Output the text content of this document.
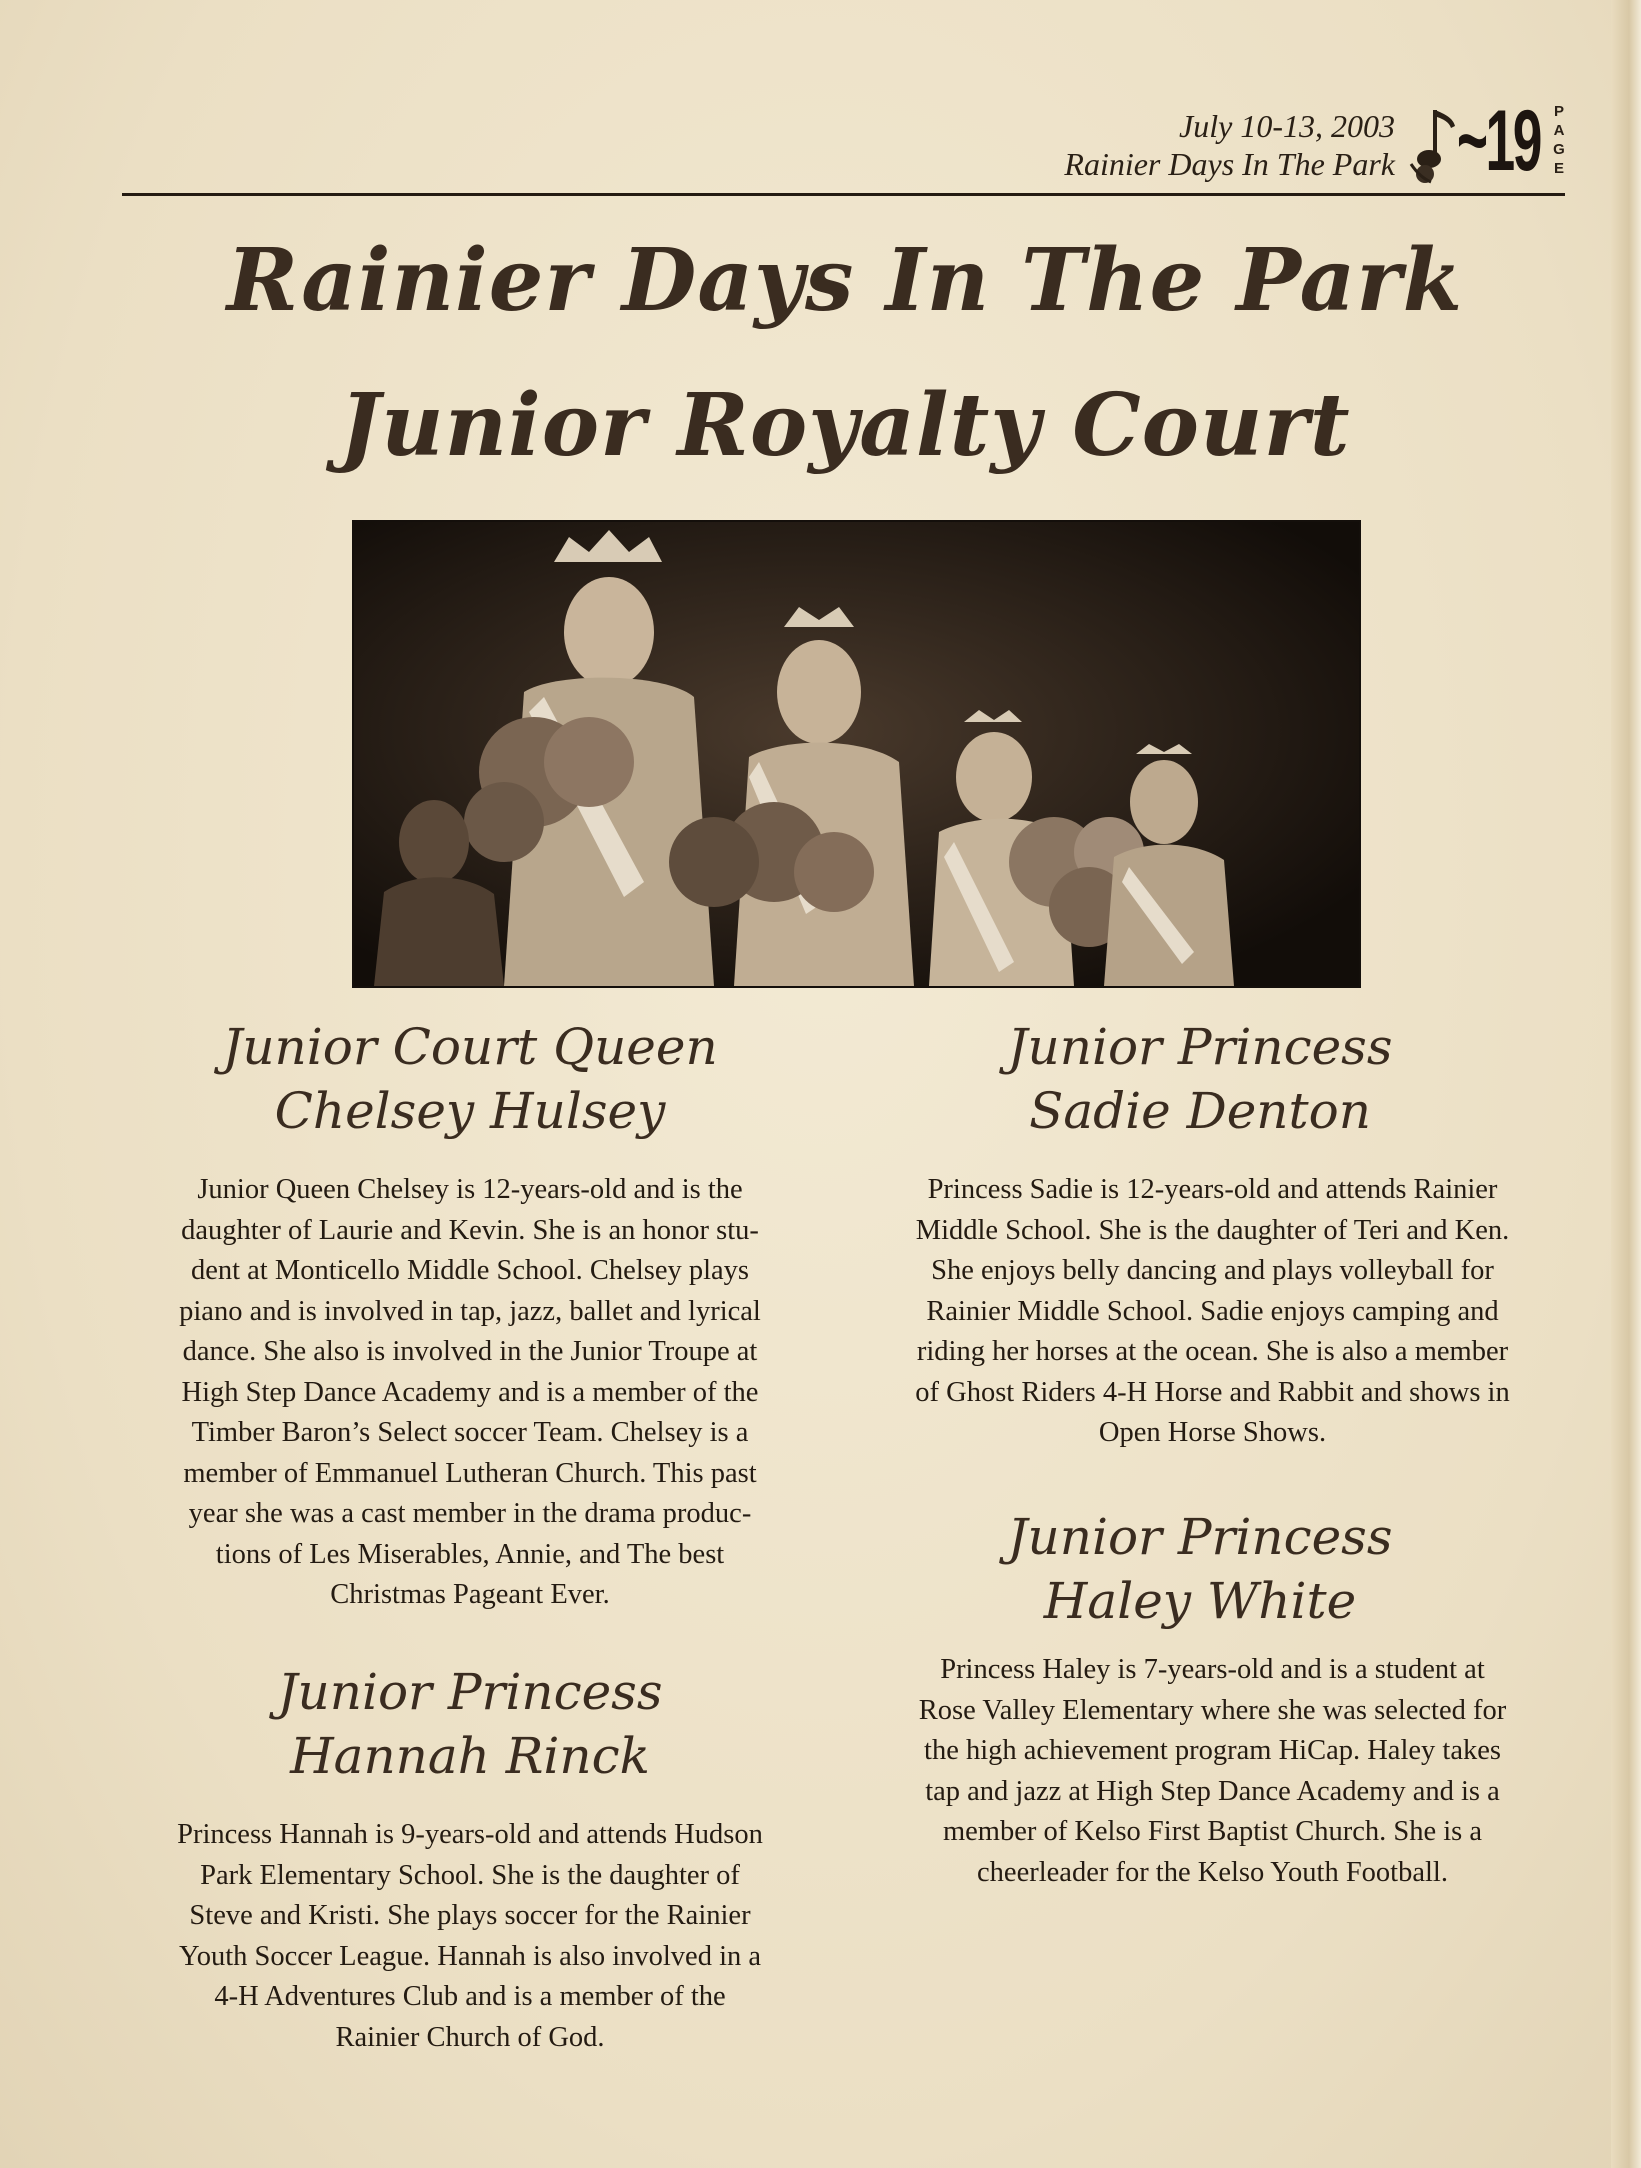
July 10-13, 2003
Rainier Days In The Park ~19 P
A
G
E
Rainier Days In The Park
Junior Royalty Court
Junior Court Queen
Chelsey Hulsey
Junior Queen Chelsey is 12-years-old and is the
daughter of Laurie and Kevin. She is an honor stu-
dent at Monticello Middle School. Chelsey plays
piano and is involved in tap, jazz, ballet and lyrical
dance. She also is involved in the Junior Troupe at
High Step Dance Academy and is a member of the
Timber Baron’s Select soccer Team. Chelsey is a
member of Emmanuel Lutheran Church. This past
year she was a cast member in the drama produc-
tions of Les Miserables, Annie, and The best
Christmas Pageant Ever.
Junior Princess
Hannah Rinck
Princess Hannah is 9-years-old and attends Hudson
Park Elementary School. She is the daughter of
Steve and Kristi. She plays soccer for the Rainier
Youth Soccer League. Hannah is also involved in a
4-H Adventures Club and is a member of the
Rainier Church of God.
Junior Princess
Sadie Denton
Princess Sadie is 12-years-old and attends Rainier
Middle School. She is the daughter of Teri and Ken.
She enjoys belly dancing and plays volleyball for
Rainier Middle School. Sadie enjoys camping and
riding her horses at the ocean. She is also a member
of Ghost Riders 4-H Horse and Rabbit and shows in
Open Horse Shows.
Junior Princess
Haley White
Princess Haley is 7-years-old and is a student at
Rose Valley Elementary where she was selected for
the high achievement program HiCap. Haley takes
tap and jazz at High Step Dance Academy and is a
member of Kelso First Baptist Church. She is a
cheerleader for the Kelso Youth Football.
